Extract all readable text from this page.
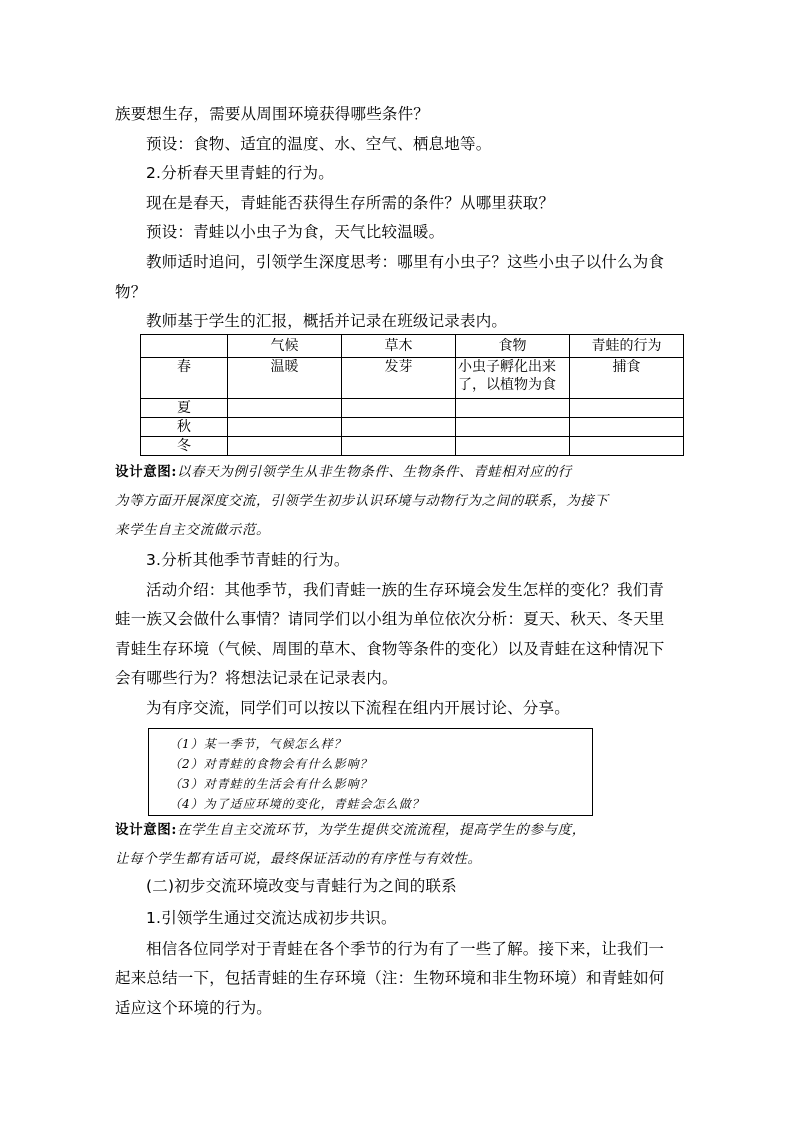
族要想生存，需要从周围环境获得哪些条件？
预设：食物、适宜的温度、水、空气、栖息地等。
2.分析春天里青蛙的行为。
现在是春天，青蛙能否获得生存所需的条件？从哪里获取？
预设：青蛙以小虫子为食，天气比较温暖。
教师适时追问，引领学生深度思考：哪里有小虫子？这些小虫子以什么为食
物？
教师基于学生的汇报，概括并记录在班级记录表内。
	气候	草木	食物	青蛙的行为
春	温暖	发芽	小虫子孵化出来了，以植物为食	捕食
夏				
秋				
冬				
设计意图:以春天为例引领学生从非生物条件、生物条件、青蛙相对应的行
为等方面开展深度交流，引领学生初步认识环境与动物行为之间的联系，为接下
来学生自主交流做示范。
3.分析其他季节青蛙的行为。
活动介绍：其他季节，我们青蛙一族的生存环境会发生怎样的变化？我们青
蛙一族又会做什么事情？请同学们以小组为单位依次分析：夏天、秋天、冬天里
青蛙生存环境（气候、周围的草木、食物等条件的变化）以及青蛙在这种情况下
会有哪些行为？将想法记录在记录表内。
为有序交流，同学们可以按以下流程在组内开展讨论、分享。
（1）某一季节，气候怎么样？
（2）对青蛙的食物会有什么影响？
（3）对青蛙的生活会有什么影响？
（4）为了适应环境的变化，青蛙会怎么做？
设计意图:在学生自主交流环节，为学生提供交流流程，提高学生的参与度，
让每个学生都有话可说，最终保证活动的有序性与有效性。
(二)初步交流环境改变与青蛙行为之间的联系
1.引领学生通过交流达成初步共识。
相信各位同学对于青蛙在各个季节的行为有了一些了解。接下来，让我们一
起来总结一下，包括青蛙的生存环境（注：生物环境和非生物环境）和青蛙如何
适应这个环境的行为。
